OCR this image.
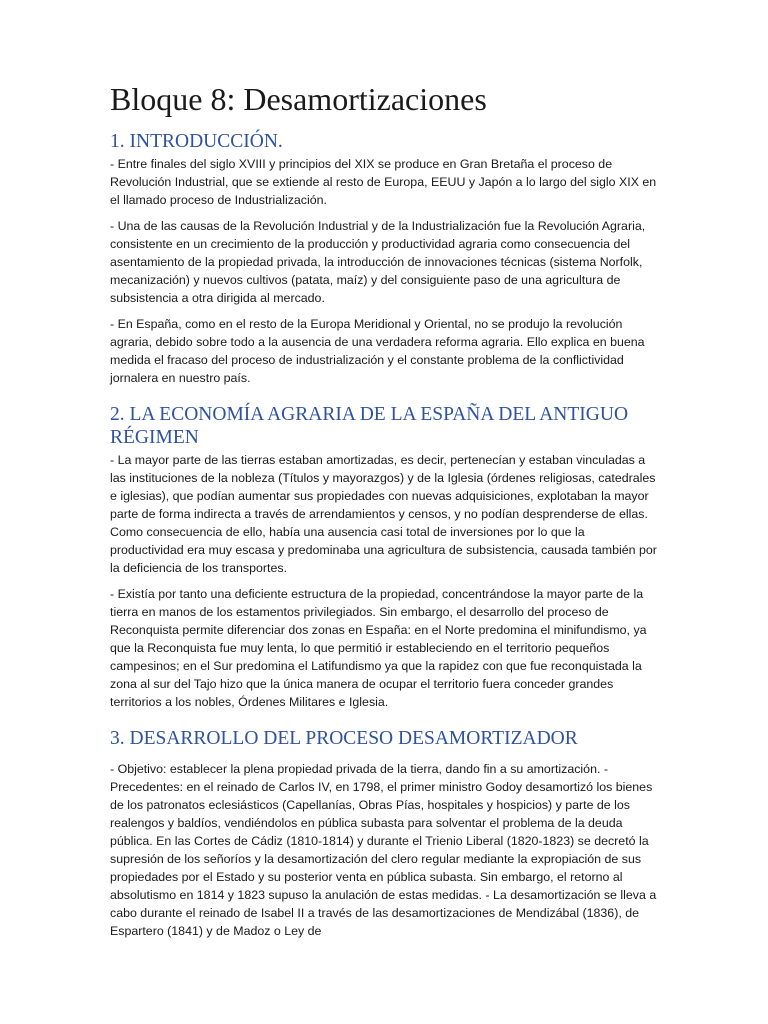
Bloque 8: Desamortizaciones
1. INTRODUCCIÓN.

- Entre finales del siglo XVIII y principios del XIX se produce en Gran Bretaña el proceso de Revolución Industrial, que se extiende al resto de Europa, EEUU y Japón a lo largo del siglo XIX en el llamado proceso de Industrialización.

- Una de las causas de la Revolución Industrial y de la Industrialización fue la Revolución Agraria, consistente en un crecimiento de la producción y productividad agraria como consecuencia del asentamiento de la propiedad privada, la introducción de innovaciones técnicas (sistema Norfolk, mecanización) y nuevos cultivos (patata, maíz) y del consiguiente paso de una agricultura de subsistencia a otra dirigida al mercado.

- En España, como en el resto de la Europa Meridional y Oriental, no se produjo la revolución agraria, debido sobre todo a la ausencia de una verdadera reforma agraria. Ello explica en buena medida el fracaso del proceso de industrialización y el constante problema de la conflictividad jornalera en nuestro país.

2. LA ECONOMÍA AGRARIA DE LA ESPAÑA DEL ANTIGUO RÉGIMEN

- La mayor parte de las tierras estaban amortizadas, es decir, pertenecían y estaban vinculadas a las instituciones de la nobleza (Títulos y mayorazgos) y de la Iglesia (órdenes religiosas, catedrales e iglesias), que podían aumentar sus propiedades con nuevas adquisiciones, explotaban la mayor parte de forma indirecta a través de arrendamientos y censos, y no podían desprenderse de ellas. Como consecuencia de ello, había una ausencia casi total de inversiones por lo que la productividad era muy escasa y predominaba una agricultura de subsistencia, causada también por la deficiencia de los transportes.

- Existía por tanto una deficiente estructura de la propiedad, concentrándose la mayor parte de la tierra en manos de los estamentos privilegiados. Sin embargo, el desarrollo del proceso de Reconquista permite diferenciar dos zonas en España: en el Norte predomina el minifundismo, ya que la Reconquista fue muy lenta, lo que permitió ir estableciendo en el territorio pequeños campesinos; en el Sur predomina el Latifundismo ya que la rapidez con que fue reconquistada la zona al sur del Tajo hizo que la única manera de ocupar el territorio fuera conceder grandes territorios a los nobles, Órdenes Militares e Iglesia.

3. DESARROLLO DEL PROCESO DESAMORTIZADOR

- Objetivo: establecer la plena propiedad privada de la tierra, dando fin a su amortización. - Precedentes: en el reinado de Carlos IV, en 1798, el primer ministro Godoy desamortizó los bienes de los patronatos eclesiásticos (Capellanías, Obras Pías, hospitales y hospicios) y parte de los realengos y baldíos, vendiéndolos en pública subasta para solventar el problema de la deuda pública. En las Cortes de Cádiz (1810-1814) y durante el Trienio Liberal (1820-1823) se decretó la supresión de los señoríos y la desamortización del clero regular mediante la expropiación de sus propiedades por el Estado y su posterior venta en pública subasta. Sin embargo, el retorno al absolutismo en 1814 y 1823 supuso la anulación de estas medidas. - La desamortización se lleva a cabo durante el reinado de Isabel II a través de las desamortizaciones de Mendizábal (1836), de Espartero (1841) y de Madoz o Ley de
